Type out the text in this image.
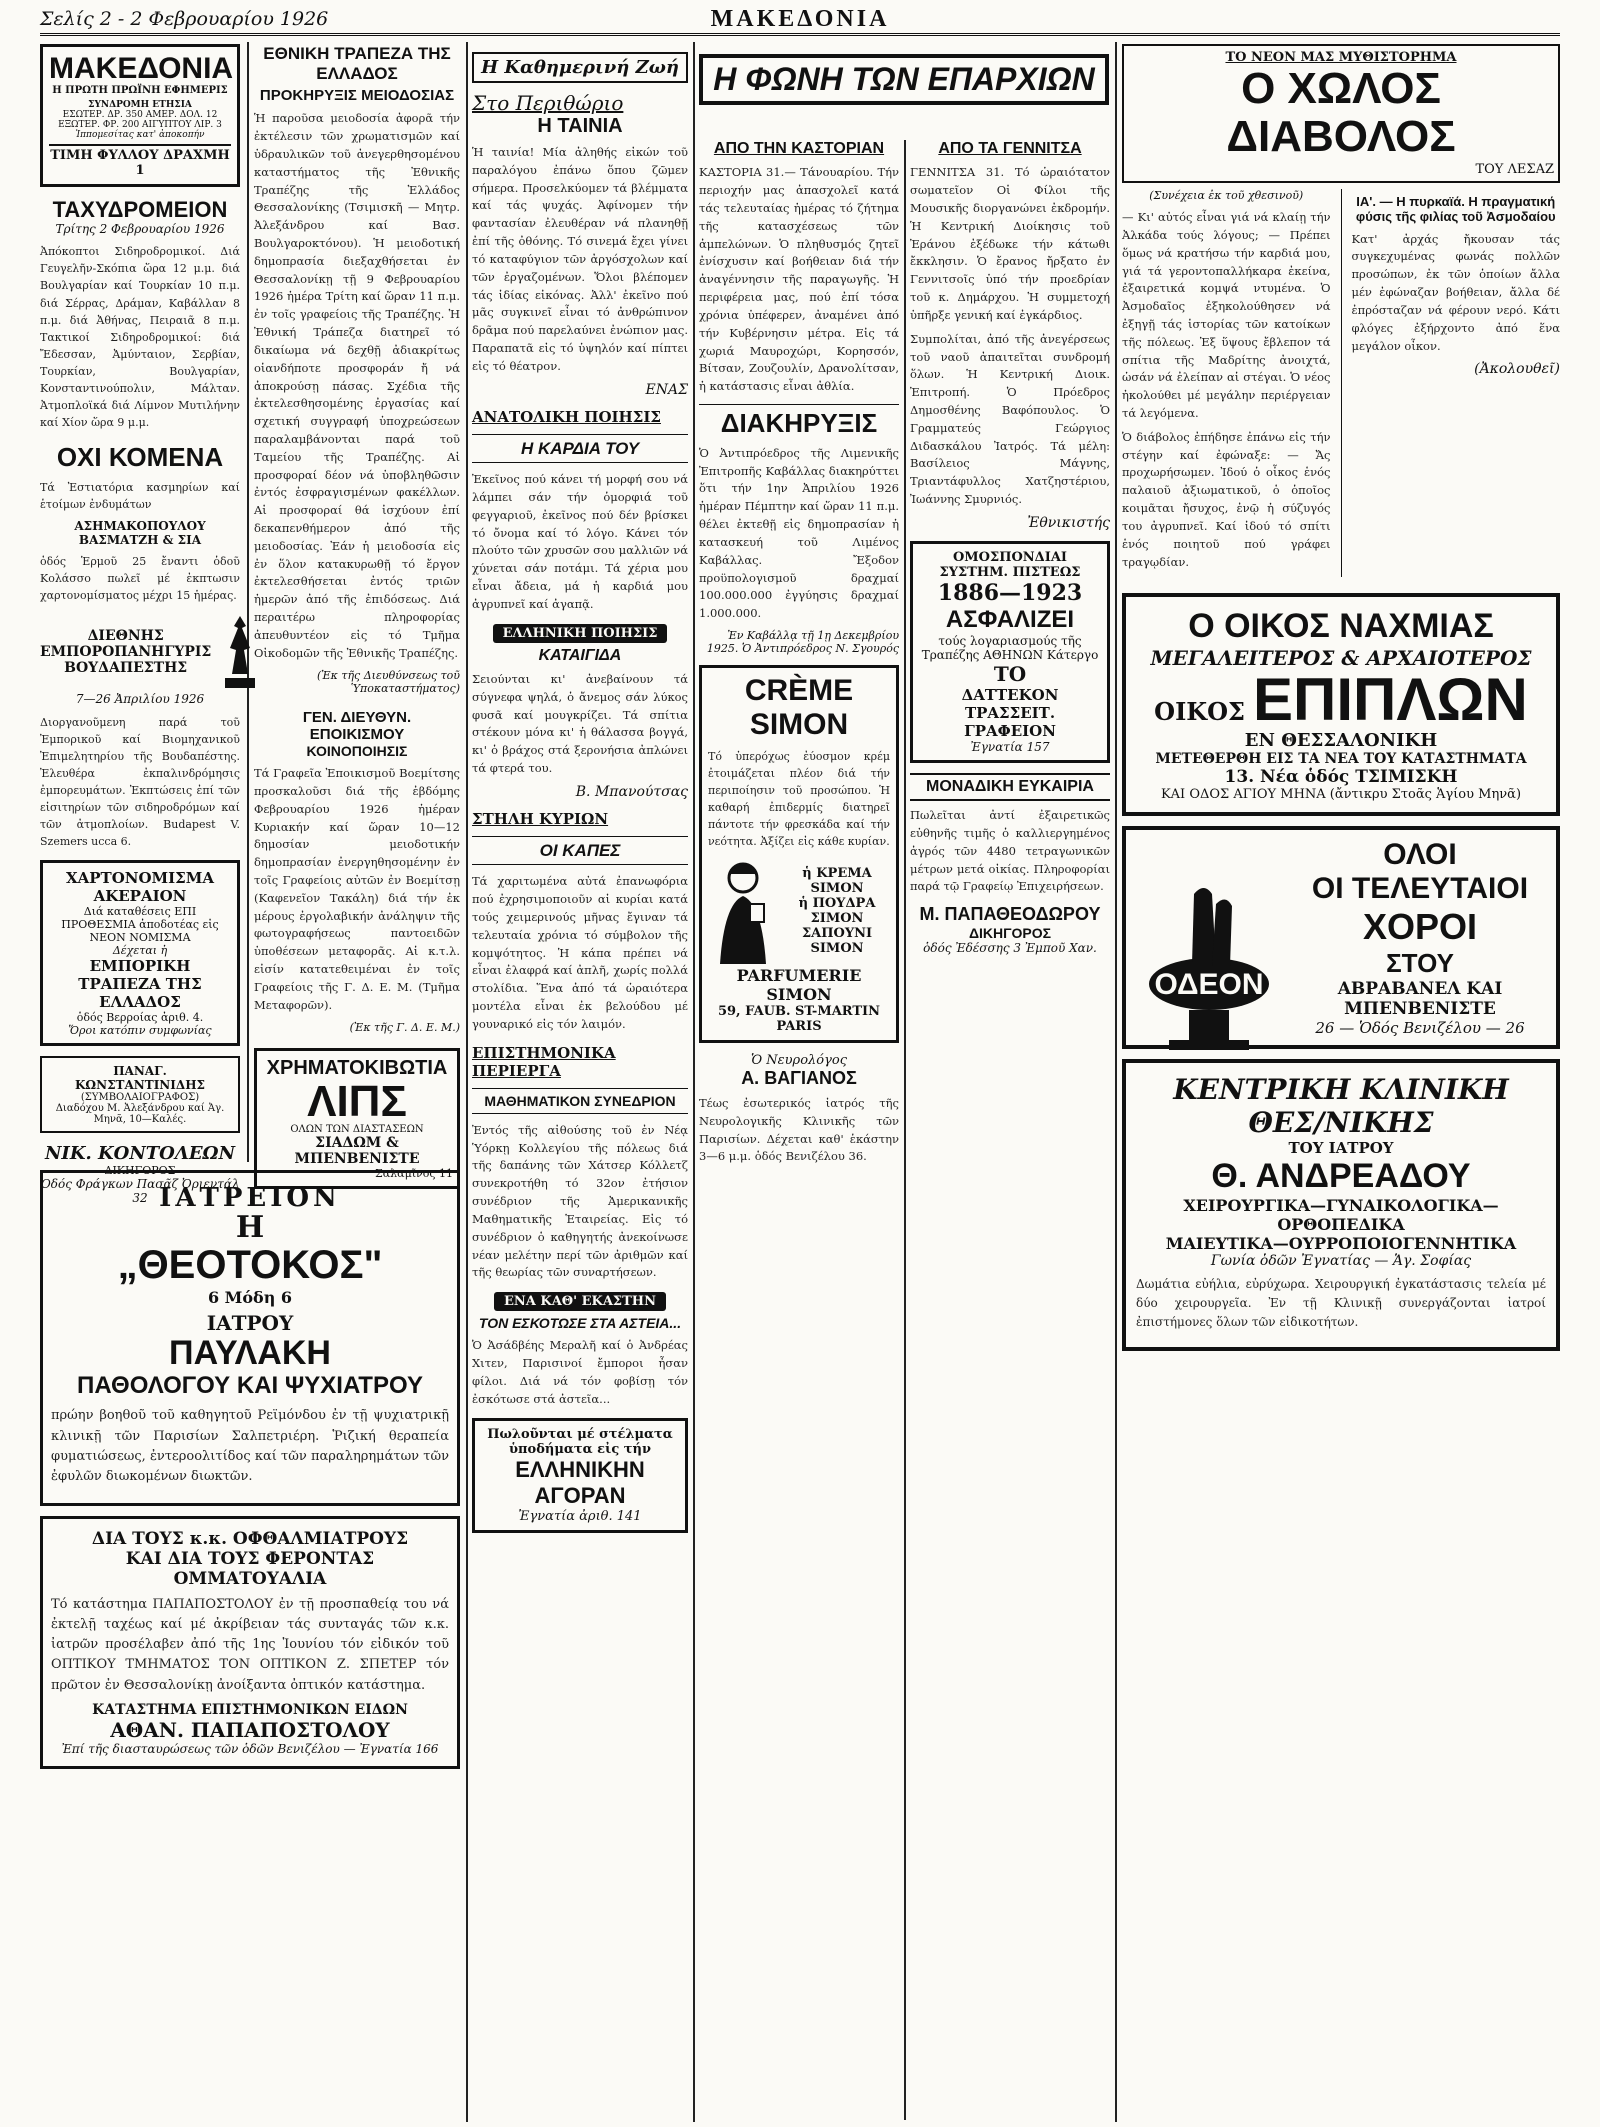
Σελίς 2 - 2 Φεβρουαρίου 1926	ΜΑΚΕΔΟΝΙΑ
ΜΑΚΕΔΟΝΙΑ
Η ΠΡΩΤΗ ΠΡΩΪΝΗ ΕΦΗΜΕΡΙΣ
ΣΥΝΔΡΟΜΗ ΕΤΗΣΙΑ
ΕΣΩΤΕΡ. ΔΡ. 350 ΑΜΕΡ. ΔΟΛ. 12
ΕΞΩΤΕΡ. ΦΡ. 200 ΑΙΓΥΠΤΟΥ ΛΙΡ. 3
Ἱππομεσίτας κατ' ἀποκοπήν
ΤΙΜΗ ΦΥΛΛΟΥ ΔΡΑΧΜΗ 1
ΤΑΧΥΔΡΟΜΕΙΟΝ
Τρίτης 2 Φεβρουαρίου 1926
Ἀπόκοπτοι Σιδηροδρομικοί. Διά Γευγελῆν-Σκόπια ὥρα 12 μ.μ. διά Βουλγαρίαν καί Τουρκίαν 10 π.μ. διά Σέρρας, Δράμαν, Καβάλλαν 8 π.μ. διά Ἀθήνας, Πειραιᾶ 8 π.μ. Τακτικοί Σιδηροδρομικοί: διά Ἔδεσσαν, Ἀμύνταιον, Σερβίαν, Τουρκίαν, Βουλγαρίαν, Κονσταντινούπολιν, Μάλταν. Ἀτμοπλοϊκά διά Λίμνον Μυτιλήνην καί Χίον ὥρα 9 μ.μ.
ΟΧΙ ΚΟΜΕΝΑ
Τά Ἐστιατόρια κασμηρίων καί ἑτοίμων ἐνδυμάτων
ΑΣΗΜΑΚΟΠΟΥΛΟΥ ΒΑΣΜΑΤΖΗ & ΣΙΑ
ὁδός Ἑρμοῦ 25 ἔναντι ὁδοῦ Κολάσσο πωλεῖ μέ ἐκπτωσιν χαρτονομίσματος μέχρι 15 ἡμέρας.
ΔΙΕΘΝΗΣ ΕΜΠΟΡΟΠΑΝΗΓΥΡΙΣ ΒΟΥΔΑΠΕΣΤΗΣ
7—26 Ἀπριλίου 1926
Διοργανοῦμενη παρά τοῦ Ἐμπορικοῦ καί Βιομηχανικοῦ Ἐπιμελητηρίου τῆς Βουδαπέστης. Ἐλευθέρα ἐκπαλινδρόμησις ἐμπορευμάτων. Ἐκπτώσεις ἐπί τῶν εἰσιτηρίων τῶν σιδηροδρόμων καί τῶν ἀτμοπλοίων. Budapest V. Szemers ucca 6.
ΧΑΡΤΟΝΟΜΙΣΜΑ ΑΚΕΡΑΙΟΝ
Διά καταθέσεις ΕΠΙ ΠΡΟΘΕΣΜΙΑ ἀποδοτέας εἰς ΝΕΟΝ ΝΟΜΙΣΜΑ
Δέχεται ἡ
ΕΜΠΟΡΙΚΗ ΤΡΑΠΕΖΑ ΤΗΣ ΕΛΛΑΔΟΣ
ὁδός Βερροίας ἀριθ. 4.
Ὅροι κατόπιν συμφωνίας
ΠΑΝΑΓ. ΚΩΝΣΤΑΝΤΙΝΙΔΗΣ
(ΣΥΜΒΟΛΑΙΟΓΡΑΦΟΣ)
Διαδόχου Μ. Ἀλεξάνδρου καί Ἀγ. Μηνᾶ, 10—Καλές.
ΝΙΚ. ΚΟΝΤΟΛΕΩΝ
ΔΙΚΗΓΟΡΟΣ
Ὁδός Φράγκων Πασᾶζ Ὀριεντάλ 32
ΕΘΝΙΚΗ ΤΡΑΠΕΖΑ ΤΗΣ ΕΛΛΑΔΟΣ
ΠΡΟΚΗΡΥΞΙΣ ΜΕΙΟΔΟΣΙΑΣ
Ἡ παροῦσα μειοδοσία ἀφορᾶ τήν ἐκτέλεσιν τῶν χρωματισμῶν καί ὑδραυλικῶν τοῦ ἀνεγερθησομένου καταστήματος τῆς Ἐθνικῆς Τραπέζης τῆς Ἑλλάδος Θεσσαλονίκης (Τσιμισκῆ — Μητρ. Ἀλεξάνδρου καί Βασ. Βουλγαροκτόνου). Ἡ μειοδοτική δημοπρασία διεξαχθήσεται ἐν Θεσσαλονίκῃ τῇ 9 Φεβρουαρίου 1926 ἡμέρα Τρίτη καί ὥραν 11 π.μ. ἐν τοῖς γραφείοις τῆς Τραπέζης. Ἡ Ἐθνική Τράπεζα διατηρεῖ τό δικαίωμα νά δεχθῇ ἀδιακρίτως οἱανδήποτε προσφοράν ἤ νά ἀποκρούσῃ πάσας. Σχέδια τῆς ἐκτελεσθησομένης ἐργασίας καί σχετική συγγραφή ὑποχρεώσεων παραλαμβάνονται παρά τοῦ Ταμείου τῆς Τραπέζης. Αἱ προσφοραί δέον νά ὑποβληθῶσιν ἐντός ἐσφραγισμένων φακέλλων. Αἱ προσφοραί θά ἰσχύουν ἐπί δεκαπενθήμερον ἀπό τῆς μειοδοσίας. Ἐάν ἡ μειοδοσία εἰς ἐν ὅλον κατακυρωθῇ τό ἔργον ἐκτελεσθήσεται ἐντός τριῶν ἡμερῶν ἀπό τῆς ἐπιδόσεως. Διά περαιτέρω πληροφορίας ἀπευθυντέον εἰς τό Τμῆμα Οἰκοδομῶν τῆς Ἐθνικῆς Τραπέζης.
(Ἐκ τῆς Διευθύνσεως τοῦ Ὑποκαταστήματος)
ΓΕΝ. ΔΙΕΥΘΥΝ. ΕΠΟΙΚΙΣΜΟΥ
ΚΟΙΝΟΠΟΙΗΣΙΣ
Τά Γραφεῖα Ἐποικισμοῦ Βοεμίτσης προσκαλοῦσι διά τῆς ἐβδόμης Φεβρουαρίου 1926 ἡμέραν Κυριακήν καί ὥραν 10—12 δημοσίαν μειοδοτικήν δημοπρασίαν ἐνεργηθησομένην ἐν τοῖς Γραφείοις αὐτῶν ἐν Βοεμίτσῃ (Καφενεῖον Τακάλη) διά τήν ἐκ μέρους ἐργολαβικήν ἀνάληψιν τῆς φωτογραφήσεως παντοειδῶν ὑποθέσεων μεταφορᾶς. Αἱ κ.τ.λ. εἰσίν κατατεθειμέναι ἐν τοῖς Γραφείοις τῆς Γ. Δ. Ε. Μ. (Τμῆμα Μεταφορῶν).
(Ἐκ τῆς Γ. Δ. Ε. Μ.)
ΧΡΗΜΑΤΟΚΙΒΩΤΙΑ
ΛΙΠΣ
ΟΛΩΝ ΤΩΝ ΔΙΑΣΤΑΣΕΩΝ
ΣΙΑΔΩΜ & ΜΠΕΝΒΕΝΙΣΤΕ
Σαλαμῖνος 11
ΙΑΤΡΕΙΟΝ
Η
„ΘΕΟΤΟΚΟΣ"
6 Μόδη 6
ΙΑΤΡΟΥ
ΠΑΥΛΑΚΗ
ΠΑΘΟΛΟΓΟΥ ΚΑΙ ΨΥΧΙΑΤΡΟΥ
πρώην βοηθοῦ τοῦ καθηγητοῦ Ρεϊμόνδου ἐν τῇ ψυχιατρικῇ κλινικῇ τῶν Παρισίων Σαλπετριέρη. Ῥιζική θεραπεία φυματιώσεως, ἐντεροολιτίδος καί τῶν παραληρημάτων τῶν ἐφυλῶν διωκομένων διωκτῶν.
ΔΙΑ ΤΟΥΣ κ.κ. ΟΦΘΑΛΜΙΑΤΡΟΥΣ
ΚΑΙ ΔΙΑ ΤΟΥΣ ΦΕΡΟΝΤΑΣ ΟΜΜΑΤΟΥΑΛΙΑ
Τό κατάστημα ΠΑΠΑΠΟΣΤΟΛΟΥ ἐν τῇ προσπαθείᾳ του νά ἐκτελῇ ταχέως καί μέ ἀκρίβειαν τάς συνταγάς τῶν κ.κ. ἰατρῶν προσέλαβεν ἀπό τῆς 1ης Ἰουνίου τόν εἰδικόν τοῦ ΟΠΤΙΚΟΥ ΤΜΗΜΑΤΟΣ ΤΟΝ ΟΠΤΙΚΟΝ Ζ. ΣΠΕΤΕΡ τόν πρῶτον ἐν Θεσσαλονίκῃ ἀνοίξαντα ὀπτικόν κατάστημα.
ΚΑΤΑΣΤΗΜΑ ΕΠΙΣΤΗΜΟΝΙΚΩΝ ΕΙΔΩΝ
ΑΘΑΝ. ΠΑΠΑΠΟΣΤΟΛΟΥ
Ἐπί τῆς διασταυρώσεως τῶν ὁδῶν Βενιζέλου — Ἐγνατία 166
Η Καθημερινή Ζωή
Στο Περιθώριο
Η ΤΑΙΝΙΑ
Ἡ ταινία! Μία ἀληθής εἰκών τοῦ παραλόγου ἐπάνω ὅπου ζῶμεν σήμερα. Προσελκύομεν τά βλέμματα καί τάς ψυχάς. Ἀφίνομεν τήν φαντασίαν ἐλευθέραν νά πλανηθῇ ἐπί τῆς ὀθόνης. Τό σινεμά ἔχει γίνει τό καταφύγιον τῶν ἀργόσχολων καί τῶν ἐργαζομένων. Ὅλοι βλέπομεν τάς ἰδίας εἰκόνας. Ἀλλ' ἐκεῖνο πού μᾶς συγκινεῖ εἶναι τό ἀνθρώπινον δρᾶμα πού παρελαύνει ἐνώπιον μας. Παραπατᾶ εἰς τό ὑψηλόν καί πίπτει εἰς τό θέατρον.
ΕΝΑΣ
ΑΝΑΤΟΛΙΚΗ ΠΟΙΗΣΙΣ
Η ΚΑΡΔΙΑ ΤΟΥ
Ἐκεῖνος πού κάνει τή μορφή σου νά λάμπει σάν τήν ὁμορφιά τοῦ φεγγαριοῦ, ἐκεῖνος πού δέν βρίσκει τό ὄνομα καί τό λόγο. Κάνει τόν πλούτο τῶν χρυσῶν σου μαλλιῶν νά χύνεται σάν ποτάμι. Τά χέρια μου εἶναι ἄδεια, μά ἡ καρδιά μου ἀγρυπνεῖ καί ἀγαπᾷ.
ΕΛΛΗΝΙΚΗ ΠΟΙΗΣΙΣ
ΚΑΤΑΙΓΙΔΑ
Σειούνται κι' ἀνεβαίνουν τά σύγνεφα ψηλά, ὁ ἄνεμος σάν λύκος φυσᾶ καί μουγκρίζει. Τά σπίτια στέκουν μόνα κι' ἡ θάλασσα βογγά, κι' ὁ βράχος στά ξερονήσια ἀπλώνει τά φτερά του.
Β. Μπανούτσας
ΣΤΗΛΗ ΚΥΡΙΩΝ
ΟΙ ΚΑΠΕΣ
Τά χαριτωμένα αὐτά ἐπανωφόρια πού ἐχρησιμοποιοῦν αἱ κυρίαι κατά τούς χειμερινούς μῆνας ἔγιναν τά τελευταία χρόνια τό σύμβολον τῆς κομψότητος. Ἡ κάπα πρέπει νά εἶναι ἐλαφρά καί ἀπλῆ, χωρίς πολλά στολίδια. Ἕνα ἀπό τά ὡραιότερα μοντέλα εἶναι ἐκ βελούδου μέ γουναρικό εἰς τόν λαιμόν.
ΕΠΙΣΤΗΜΟΝΙΚΑ ΠΕΡΙΕΡΓΑ
ΜΑΘΗΜΑΤΙΚΟΝ ΣΥΝΕΔΡΙΟΝ
Ἐντός τῆς αἰθούσης τοῦ ἐν Νέᾳ Ὑόρκῃ Κολλεγίου τῆς πόλεως διά τῆς δαπάνης τῶν Χάτσερ Κόλλετζ συνεκροτήθη τό 32ον ἐτήσιον συνέδριον τῆς Ἀμερικανικῆς Μαθηματικῆς Ἑταιρείας. Εἰς τό συνέδριον ὁ καθηγητής ἀνεκοίνωσε νέαν μελέτην περί τῶν ἀριθμῶν καί τῆς θεωρίας τῶν συναρτήσεων.
ΕΝΑ ΚΑΘ' ΕΚΑΣΤΗΝ
ΤΟΝ ΕΣΚΟΤΩΣΕ ΣΤΑ ΑΣΤΕΙΑ...
Ὁ Ἀσάδβέης Μεραλῆ καί ὁ Ἀνδρέας Χιτεν, Παρισινοί ἔμποροι ἦσαν φίλοι. Διά νά τόν φοβίσῃ τόν ἐσκότωσε στά ἀστεῖα...
Πωλοῦνται μέ στέλματα ὑποδήματα εἰς τήν
ΕΛΛΗΝΙΚΗΝ ΑΓΟΡΑΝ
Ἐγνατία ἀριθ. 141
Η ΦΩΝΗ ΤΩΝ ΕΠΑΡΧΙΩΝ
ΑΠΟ ΤΗΝ ΚΑΣΤΟΡΙΑΝ
ΚΑΣΤΟΡΙΑ 31.— Τάνουαρίου. Τήν περιοχήν μας ἀπασχολεῖ κατά τάς τελευταίας ἡμέρας τό ζήτημα τῆς κατασχέσεως τῶν ἀμπελώνων. Ὁ πληθυσμός ζητεῖ ἐνίσχυσιν καί βοήθειαν διά τήν ἀναγέννησιν τῆς παραγωγῆς. Ἡ περιφέρεια μας, πού ἐπί τόσα χρόνια ὑπέφερεν, ἀναμένει ἀπό τήν Κυβέρνησιν μέτρα. Εἰς τά χωριά Μαυροχώρι, Κορησσόν, Βίτσαν, Ζουζουλίν, Δρανολίτσαν, ἡ κατάστασις εἶναι ἀθλία.
ΔΙΑΚΗΡΥΞΙΣ
Ὁ Ἀντιπρόεδρος τῆς Λιμενικῆς Ἐπιτροπῆς Καβάλλας διακηρύττει ὅτι τήν 1ην Ἀπριλίου 1926 ἡμέραν Πέμπτην καί ὥραν 11 π.μ. θέλει ἐκτεθῇ εἰς δημοπρασίαν ἡ κατασκευή τοῦ Λιμένος Καβάλλας. Ἔξοδον προϋπολογισμοῦ δραχμαί 100.000.000 ἐγγύησις δραχμαί 1.000.000.
Ἐν Καβάλλᾳ τῇ 1ῃ Δεκεμβρίου 1925. Ὁ Ἀντιπρόεδρος Ν. Σγουρός
CRÈME SIMON
Τό ὑπερόχως ἐύοσμον κρέμ ἐτοιμάζεται πλέον διά τήν περιποίησιν τοῦ προσώπου. Ἡ καθαρή ἐπιδερμίς διατηρεῖ πάντοτε τήν φρεσκάδα καί τήν νεότητα. Ἀξίζει εἰς κάθε κυρίαν.
ἡ ΚΡΕΜΑ SIMON
ἡ ΠΟΥΔΡΑ ΣΙΜΟΝ
ΣΑΠΟΥΝΙ SIMON
PARFUMERIE SIMON
59, FAUB. ST-MARTIN PARIS
Ὁ Νευρολόγος
Α. ΒΑΓΙΑΝΟΣ
Τέως ἐσωτερικός ἰατρός τῆς Νευρολογικῆς Κλινικῆς τῶν Παρισίων. Δέχεται καθ' ἑκάστην 3—6 μ.μ. ὁδός Βενιζέλου 36.
ΑΠΟ ΤΑ ΓΕΝΝΙΤΣΑ
ΓΕΝΝΙΤΣΑ 31. Τό ὡραιότατον σωματεῖον Οἱ Φίλοι τῆς Μουσικῆς διοργανώνει ἐκδρομήν. Ἡ Κεντρική Διοίκησις τοῦ Ἐράνου ἐξέδωκε τήν κάτωθι ἔκκλησιν. Ὁ ἔρανος ἤρξατο ἐν Γεννιτσοῖς ὑπό τήν προεδρίαν τοῦ κ. Δημάρχου. Ἡ συμμετοχή ὑπῆρξε γενική καί ἐγκάρδιος.
Συμπολίται, ἀπό τῆς ἀνεγέρσεως τοῦ ναοῦ ἀπαιτεῖται συνδρομή ὅλων. Ἡ Κεντρική Διοικ. Ἐπιτροπή. Ὁ Πρόεδρος Δημοσθένης Βαφόπουλος. Ὁ Γραμματεύς Γεώργιος Διδασκάλου Ἰατρός. Τά μέλη: Βασίλειος Μάγνης, Τριαντάφυλλος Χατζηστέριου, Ἰωάννης Σμυρνιός.
Ἐθνικιστής
ΟΜΟΣΠΟΝΔΙΑΙ ΣΥΣΤΗΜ. ΠΙΣΤΕΩΣ
1886—1923
ΑΣΦΑΛΙΖΕΙ
τούς λογαριασμούς τῆς Τραπέζης ΑΘΗΝΩΝ Κάτεργο
ΤΟ
ΔΑΤΤΕΚΟΝ ΤΡΑΣΣΕΙΤ. ΓΡΑΦΕΙΟΝ
Ἐγνατία 157
ΜΟΝΑΔΙΚΗ ΕΥΚΑΙΡΙΑ
Πωλεῖται ἀντί ἐξαιρετικῶς εὐθηνῆς τιμῆς ὁ καλλιεργημένος ἀγρός τῶν 4480 τετραγωνικῶν μέτρων μετά οἰκίας. Πληροφορίαι παρά τῷ Γραφείῳ Ἐπιχειρήσεων.
Μ. ΠΑΠΑΘΕΟΔΩΡΟΥ
ΔΙΚΗΓΟΡΟΣ
ὁδός Ἐδέσσης 3 Ἐμποῦ Χαν.
ΤΟ ΝΕΟΝ ΜΑΣ ΜΥΘΙΣΤΟΡΗΜΑ
Ο ΧΩΛΟΣ ΔΙΑΒΟΛΟΣ
ΤΟΥ ΛΕΣΑΖ
(Συνέχεια ἐκ τοῦ χθεσινοῦ)
— Κι' αὐτός εἶναι γιά νά κλαίῃ τήν Ἀλκάδα τούς λόγους; — Πρέπει ὅμως νά κρατήσω τήν καρδιά μου, γιά τά γεροντοπαλλήκαρα ἐκείνα, ἐξαιρετικά κομψά ντυμένα. Ὁ Ἀσμοδαῖος ἐξηκολούθησεν νά ἐξηγῇ τάς ἱστορίας τῶν κατοίκων τῆς πόλεως. Ἐξ ὕψους ἔβλεπον τά σπίτια τῆς Μαδρίτης ἀνοιχτά, ὡσάν νά ἐλείπαν αἱ στέγαι. Ὁ νέος ἠκολούθει μέ μεγάλην περιέργειαν τά λεγόμενα.
Ὁ διάβολος ἐπήδησε ἐπάνω εἰς τήν στέγην καί ἐφώναξε: — Ἄς προχωρήσωμεν. Ἰδού ὁ οἶκος ἑνός παλαιοῦ ἀξιωματικοῦ, ὁ ὁποῖος κοιμᾶται ἤσυχος, ἐνῷ ἡ σύζυγός του ἀγρυπνεῖ. Καί ἰδού τό σπίτι ἑνός ποιητοῦ πού γράφει τραγῳδίαν.
ΙΑ'. — Η πυρκαϊά. Η πραγματική φύσις τῆς φιλίας τοῦ Ἀσμοδαίου
Κατ' ἀρχάς ἤκουσαν τάς συγκεχυμένας φωνάς πολλῶν προσώπων, ἐκ τῶν ὁποίων ἄλλα μέν ἐφώναζαν βοήθειαν, ἄλλα δέ ἐπρόσταζαν νά φέρουν νερό. Κάτι φλόγες ἐξήρχοντο ἀπό ἕνα μεγάλον οἶκον.
(Ἀκολουθεῖ)
Ο ΟΙΚΟΣ ΝΑΧΜΙΑΣ
ΜΕΓΑΛΕΙΤΕΡΟΣ & ΑΡΧΑΙΟΤΕΡΟΣ
ΟΙΚΟΣ ΕΠΙΠΛΩΝ
ΕΝ ΘΕΣΣΑΛΟΝΙΚΗ
ΜΕΤΕΘΕΡΘΗ ΕΙΣ ΤΑ ΝΕΑ ΤΟΥ ΚΑΤΑΣΤΗΜΑΤΑ
13. Νέα ὁδός ΤΣΙΜΙΣΚΗ
ΚΑΙ ΟΔΟΣ ΑΓΙΟΥ ΜΗΝΑ (ἄντικρυ Στοᾶς Ἁγίου Μηνᾶ)
ΟΔΕΟΝ
ΟΛΟΙ
ΟΙ ΤΕΛΕΥΤΑΙΟΙ
ΧΟΡΟΙ
ΣΤΟΥ
ΑΒΡΑΒΑΝΕΛ ΚΑΙ ΜΠΕΝΒΕΝΙΣΤΕ
26 — Ὁδός Βενιζέλου — 26
ΚΕΝΤΡΙΚΗ ΚΛΙΝΙΚΗ ΘΕΣ/ΝΙΚΗΣ
ΤΟΥ ΙΑΤΡΟΥ
Θ. ΑΝΔΡΕΑΔΟΥ
ΧΕΙΡΟΥΡΓΙΚΑ—ΓΥΝΑΙΚΟΛΟΓΙΚΑ—ΟΡΘΟΠΕΔΙΚΑ
ΜΑΙΕΥΤΙΚΑ—ΟΥΡΡΟΠΟΙΟΓΕΝΝΗΤΙΚΑ
Γωνία ὁδῶν Ἐγνατίας — Ἁγ. Σοφίας
Δωμάτια εὐήλια, εὐρύχωρα. Χειρουργική ἐγκατάστασις τελεία μέ δύο χειρουργεῖα. Ἐν τῇ Κλινικῇ συνεργάζονται ἰατροί ἐπιστήμονες ὅλων τῶν εἰδικοτήτων.
